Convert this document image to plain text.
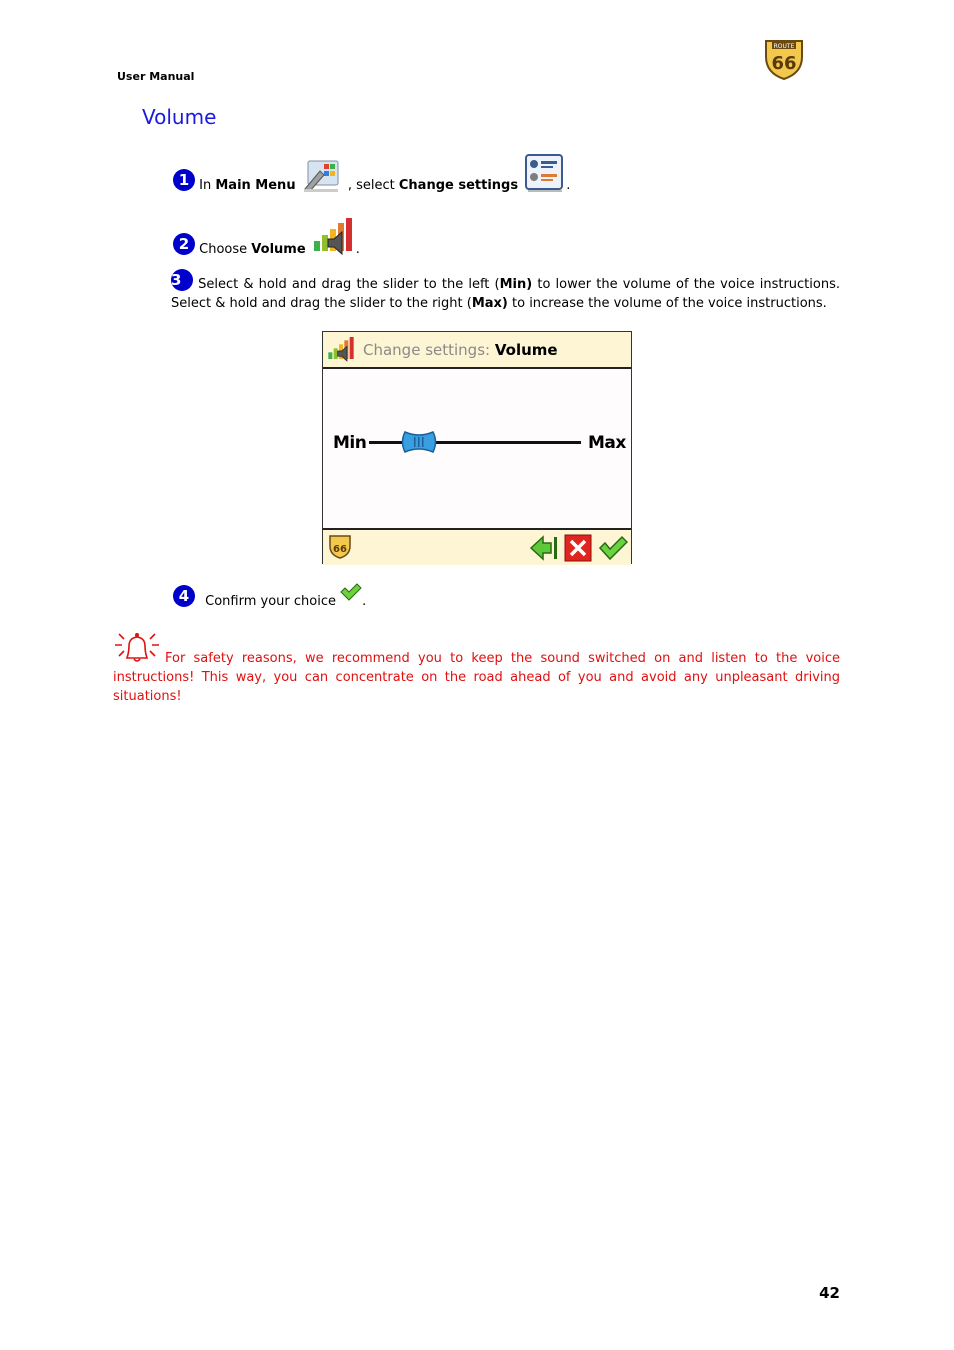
User Manual
ROUTE
66
Volume
1 In Main Menu	, select Change settings	.
2 Choose Volume	.
3 Select & hold and drag the slider to the left (Min) to lower the volume of the voice instructions. Select & hold and drag the slider to the right (Max) to increase the volume of the voice instructions.
Change settings: Volume
Min	Max
66
4 Confirm your choice .
For safety reasons, we recommend you to keep the sound switched on and listen to the voice instructions! This way, you can concentrate on the road ahead of you and avoid any unpleasant driving situations!
42
